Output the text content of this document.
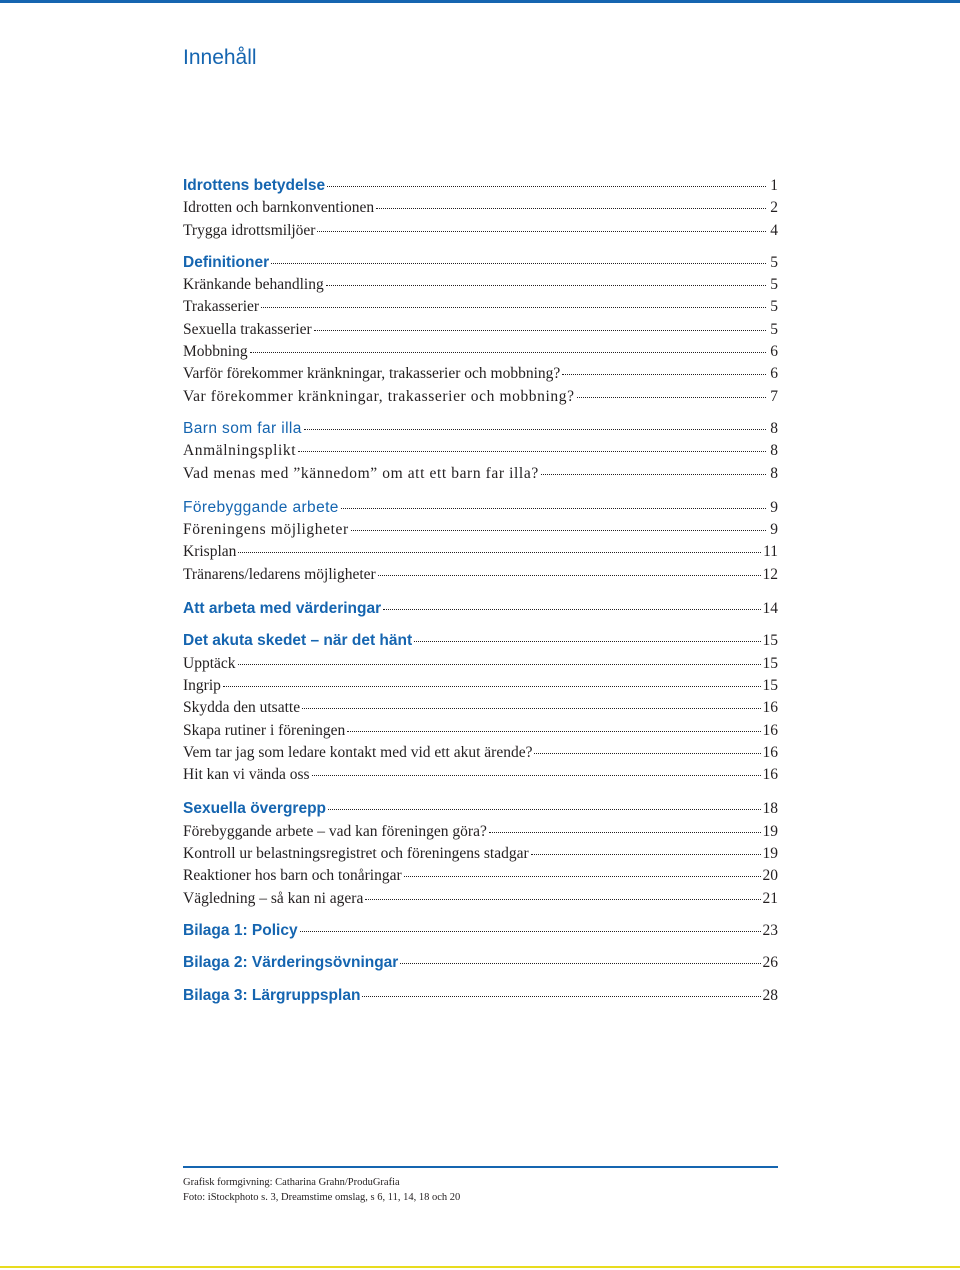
Innehåll
Idrottens betydelse	1
Idrotten och barnkonventionen	2
Trygga idrottsmiljöer	4
Definitioner	5
Kränkande behandling	5
Trakasserier	5
Sexuella trakasserier	5
Mobbning	6
Varför förekommer kränkningar, trakasserier och mobbning?	6
Var förekommer kränkningar, trakasserier och mobbning?	7
Barn som far illa	8
Anmälningsplikt	8
Vad menas med ”kännedom” om att ett barn far illa?	8
Förebyggande arbete	9
Föreningens möjligheter	9
Krisplan	11
Tränarens/ledarens möjligheter	12
Att arbeta med värderingar	14
Det akuta skedet – när det hänt	15
Upptäck	15
Ingrip	15
Skydda den utsatte	16
Skapa rutiner i föreningen	16
Vem tar jag som ledare kontakt med vid ett akut ärende?	16
Hit kan vi vända oss	16
Sexuella övergrepp	18
Förebyggande arbete – vad kan föreningen göra?	19
Kontroll ur belastningsregistret och föreningens stadgar	19
Reaktioner hos barn och tonåringar	20
Vägledning – så kan ni agera	21
Bilaga 1: Policy	23
Bilaga 2: Värderingsövningar	26
Bilaga 3: Lärgruppsplan	28

Grafisk formgivning: Catharina Grahn/ProduGrafia

Foto: iStockphoto s. 3, Dreamstime omslag, s 6, 11, 14, 18 och 20
